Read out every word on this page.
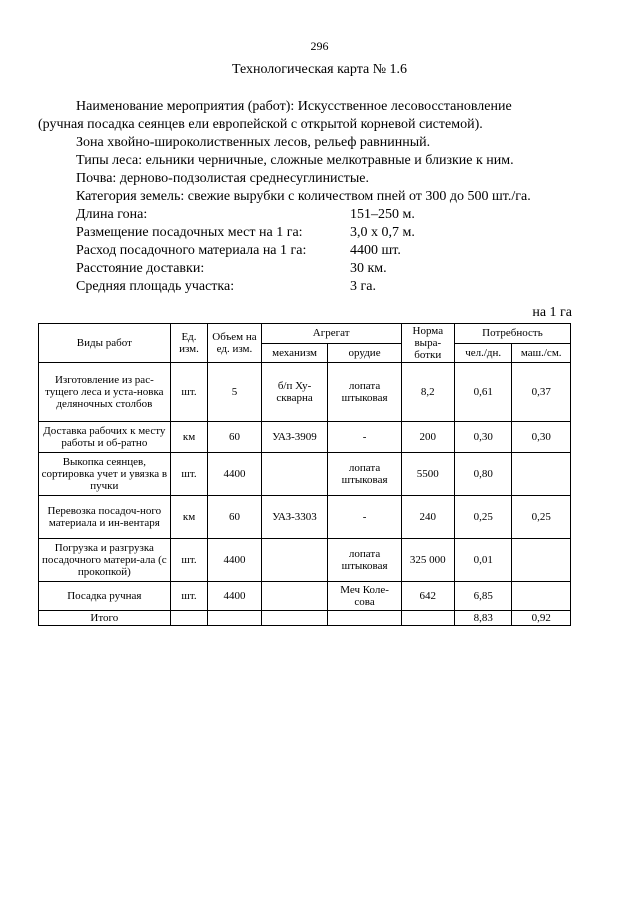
296
Технологическая карта № 1.6

Наименование мероприятия (работ): Искусственное лесовосстановление

(ручная посадка сеянцев ели европейской с открытой корневой системой).

Зона хвойно-широколиственных лесов, рельеф равнинный.

Типы леса: ельники черничные, сложные мелкотравные и близкие к ним.

Почва: дерново-подзолистая среднесуглинистые.

Категория земель: свежие вырубки с количеством пней от 300 до 500 шт./га.

Длина гона:	151–250 м.
Размещение посадочных мест на 1 га:	3,0 х 0,7 м.
Расход посадочного материала на 1 га:	4400 шт.
Расстояние доставки:	30 км.
Средняя площадь участка:	3 га.
на 1 га
Виды работ	Ед. изм.	Объем на ед. изм.	Агрегат		Норма выра-ботки	Потребность	
			механизм	орудие		чел./дн.	маш./см.
Изготовление из рас-тущего леса и уста-новка деляночных столбов	шт.	5	б/п Ху-скварна	лопата штыковая	8,2	0,61	0,37
Доставка рабочих к месту работы и об-ратно	км	60	УАЗ-3909	-	200	0,30	0,30
Выкопка сеянцев, сортировка учет и увязка в пучки	шт.	4400		лопата штыковая	5500	0,80	
Перевозка посадоч-ного материала и ин-вентаря	км	60	УАЗ-3303	-	240	0,25	0,25
Погрузка и разгрузка посадочного матери-ала (с прокопкой)	шт.	4400		лопата штыковая	325 000	0,01	
Посадка ручная	шт.	4400		Меч Коле-сова	642	6,85	
Итого						8,83	0,92
